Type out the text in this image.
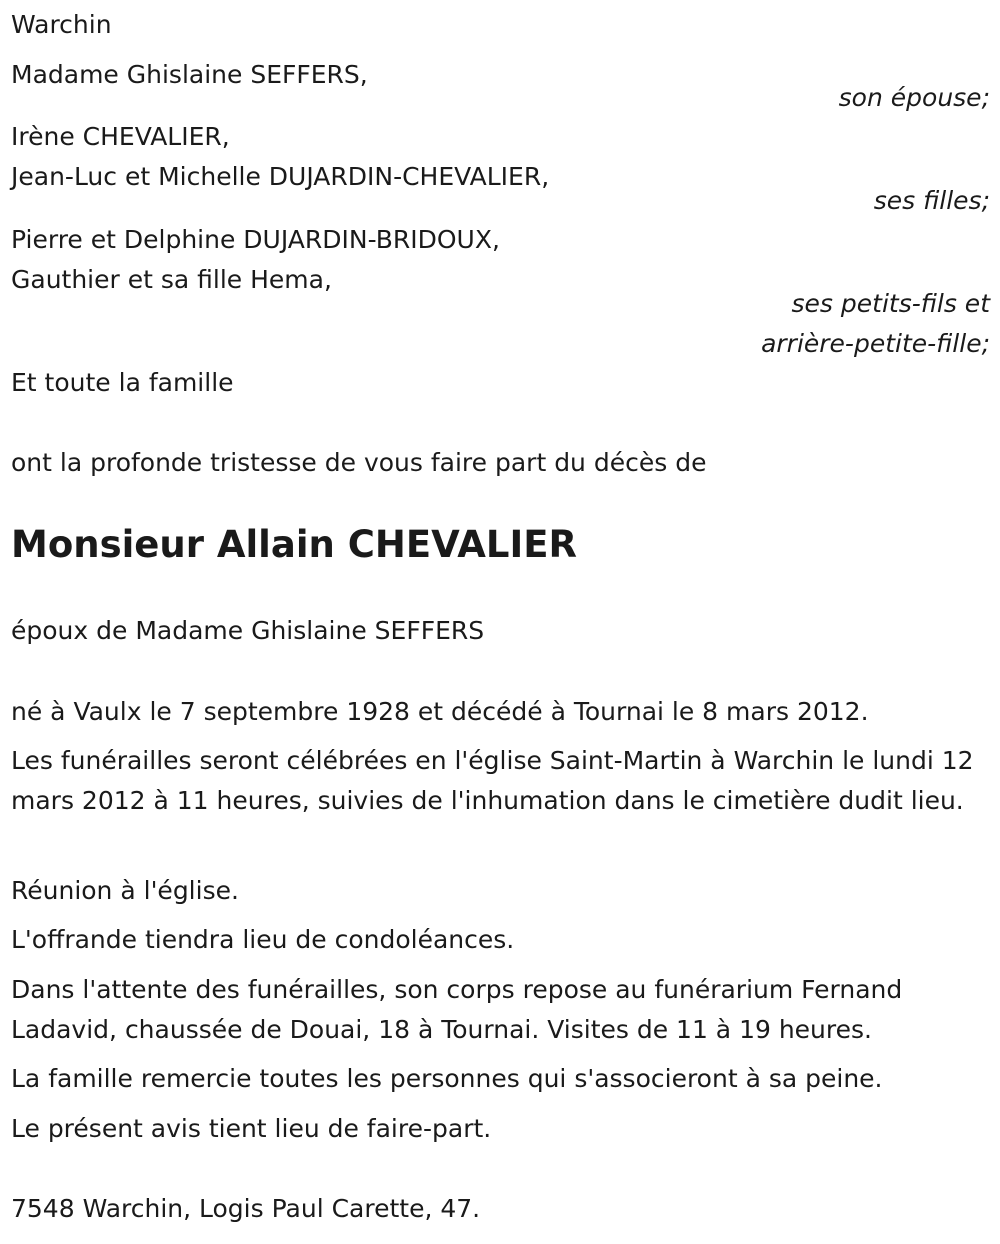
Warchin
Madame Ghislaine SEFFERS,
son épouse;
Irène CHEVALIER,
Jean-Luc et Michelle DUJARDIN-CHEVALIER,
ses filles;
Pierre et Delphine DUJARDIN-BRIDOUX,
Gauthier et sa fille Hema,
ses petits-fils et
arrière-petite-fille;
Et toute la famille
ont la profonde tristesse de vous faire part du décès de
Monsieur Allain CHEVALIER
époux de Madame Ghislaine SEFFERS
né à Vaulx le 7 septembre 1928 et décédé à Tournai le 8 mars 2012.
Les funérailles seront célébrées en l'église Saint-Martin à Warchin le lundi 12 mars 2012 à 11 heures, suivies de l'inhumation dans le cimetière dudit lieu.
Réunion à l'église.
L'offrande tiendra lieu de condoléances.
Dans l'attente des funérailles, son corps repose au funérarium Fernand Ladavid, chaussée de Douai, 18 à Tournai. Visites de 11 à 19 heures.
La famille remercie toutes les personnes qui s'associeront à sa peine.
Le présent avis tient lieu de faire-part.
7548 Warchin, Logis Paul Carette, 47.
